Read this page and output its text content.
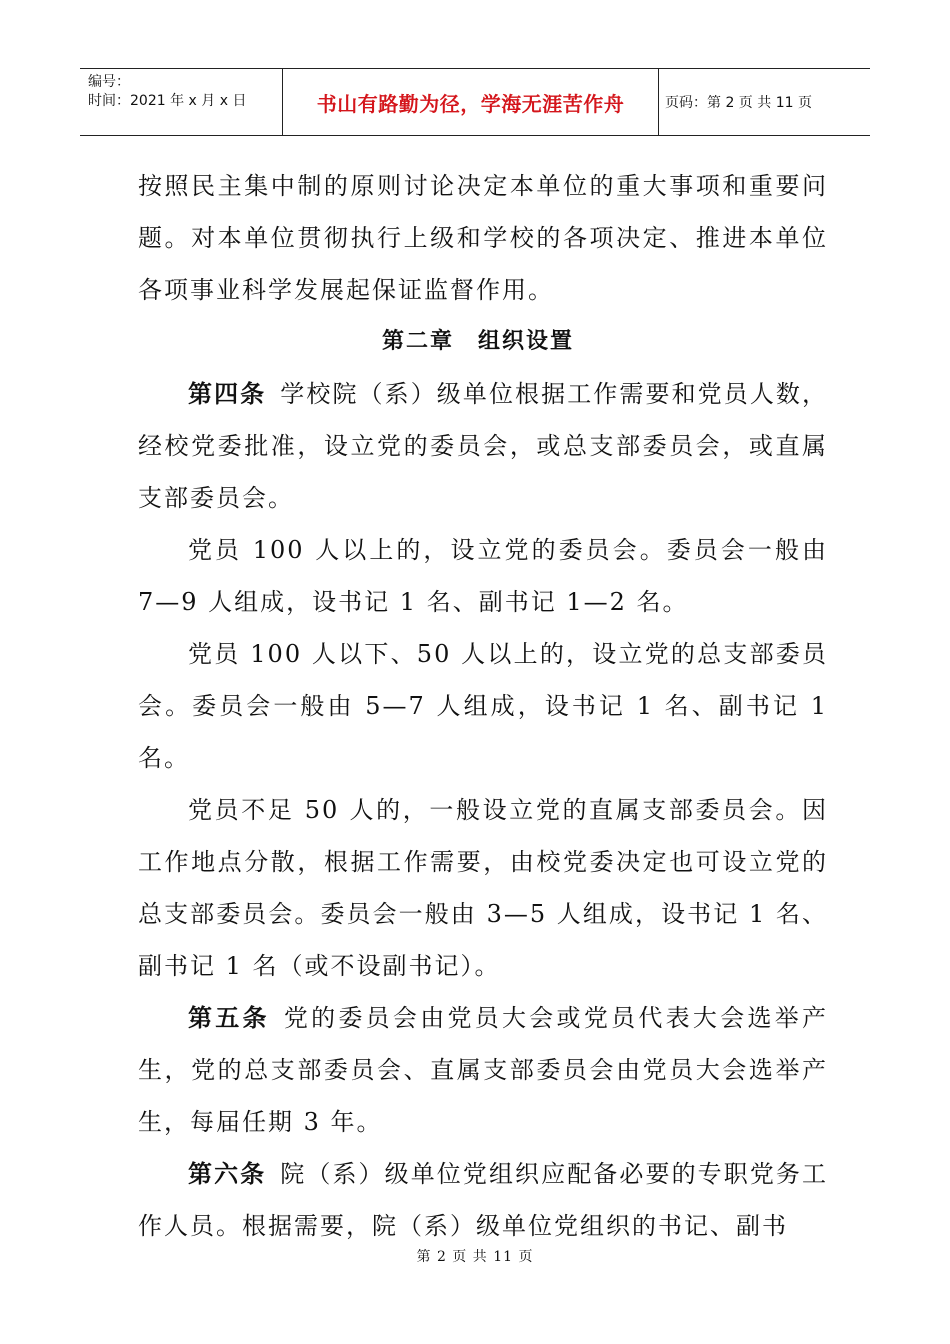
编号：
时间：2021 年 x 月 x 日	书山有路勤为径，学海无涯苦作舟	页码：第 2 页 共 11 页

按照民主集中制的原则讨论决定本单位的重大事项和重要问题。对本单位贯彻执行上级和学校的各项决定、推进本单位各项事业科学发展起保证监督作用。

第二章　组织设置

第四条 学校院（系）级单位根据工作需要和党员人数，经校党委批准，设立党的委员会，或总支部委员会，或直属支部委员会。

党员 100 人以上的，设立党的委员会。委员会一般由 7—9 人组成，设书记 1 名、副书记 1—2 名。

党员 100 人以下、50 人以上的，设立党的总支部委员会。委员会一般由 5—7 人组成，设书记 1 名、副书记 1 名。

党员不足 50 人的，一般设立党的直属支部委员会。因工作地点分散，根据工作需要，由校党委决定也可设立党的总支部委员会。委员会一般由 3—5 人组成，设书记 1 名、副书记 1 名（或不设副书记）。

第五条 党的委员会由党员大会或党员代表大会选举产生，党的总支部委员会、直属支部委员会由党员大会选举产生，每届任期 3 年。

第六条 院（系）级单位党组织应配备必要的专职党务工作人员。根据需要，院（系）级单位党组织的书记、副书

第 2 页 共 11 页
